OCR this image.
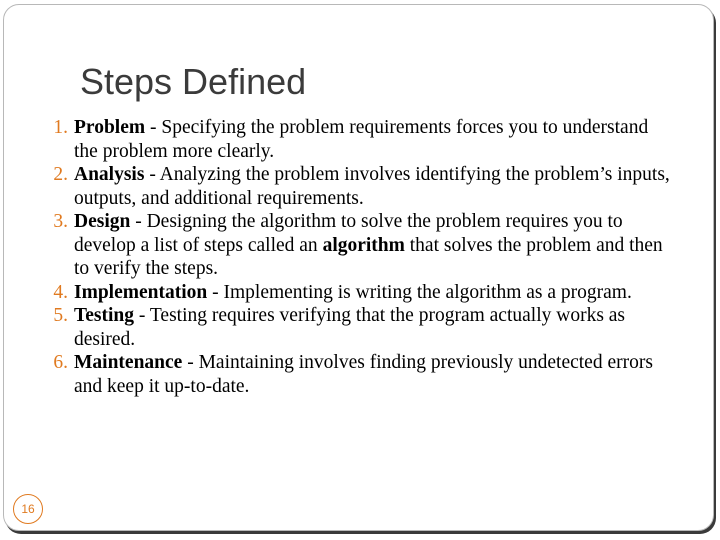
Steps Defined
1. Problem - Specifying the problem requirements forces you to understand the problem more clearly.
2. Analysis - Analyzing the problem involves identifying the problem’s inputs, outputs, and additional requirements.
3. Design - Designing the algorithm to solve the problem requires you to develop a list of steps called an algorithm that solves the problem and then to verify the steps.
4. Implementation - Implementing is writing the algorithm as a program.
5. Testing - Testing requires verifying that the program actually works as desired.
6. Maintenance - Maintaining involves finding previously undetected errors and keep it up-to-date.
16
